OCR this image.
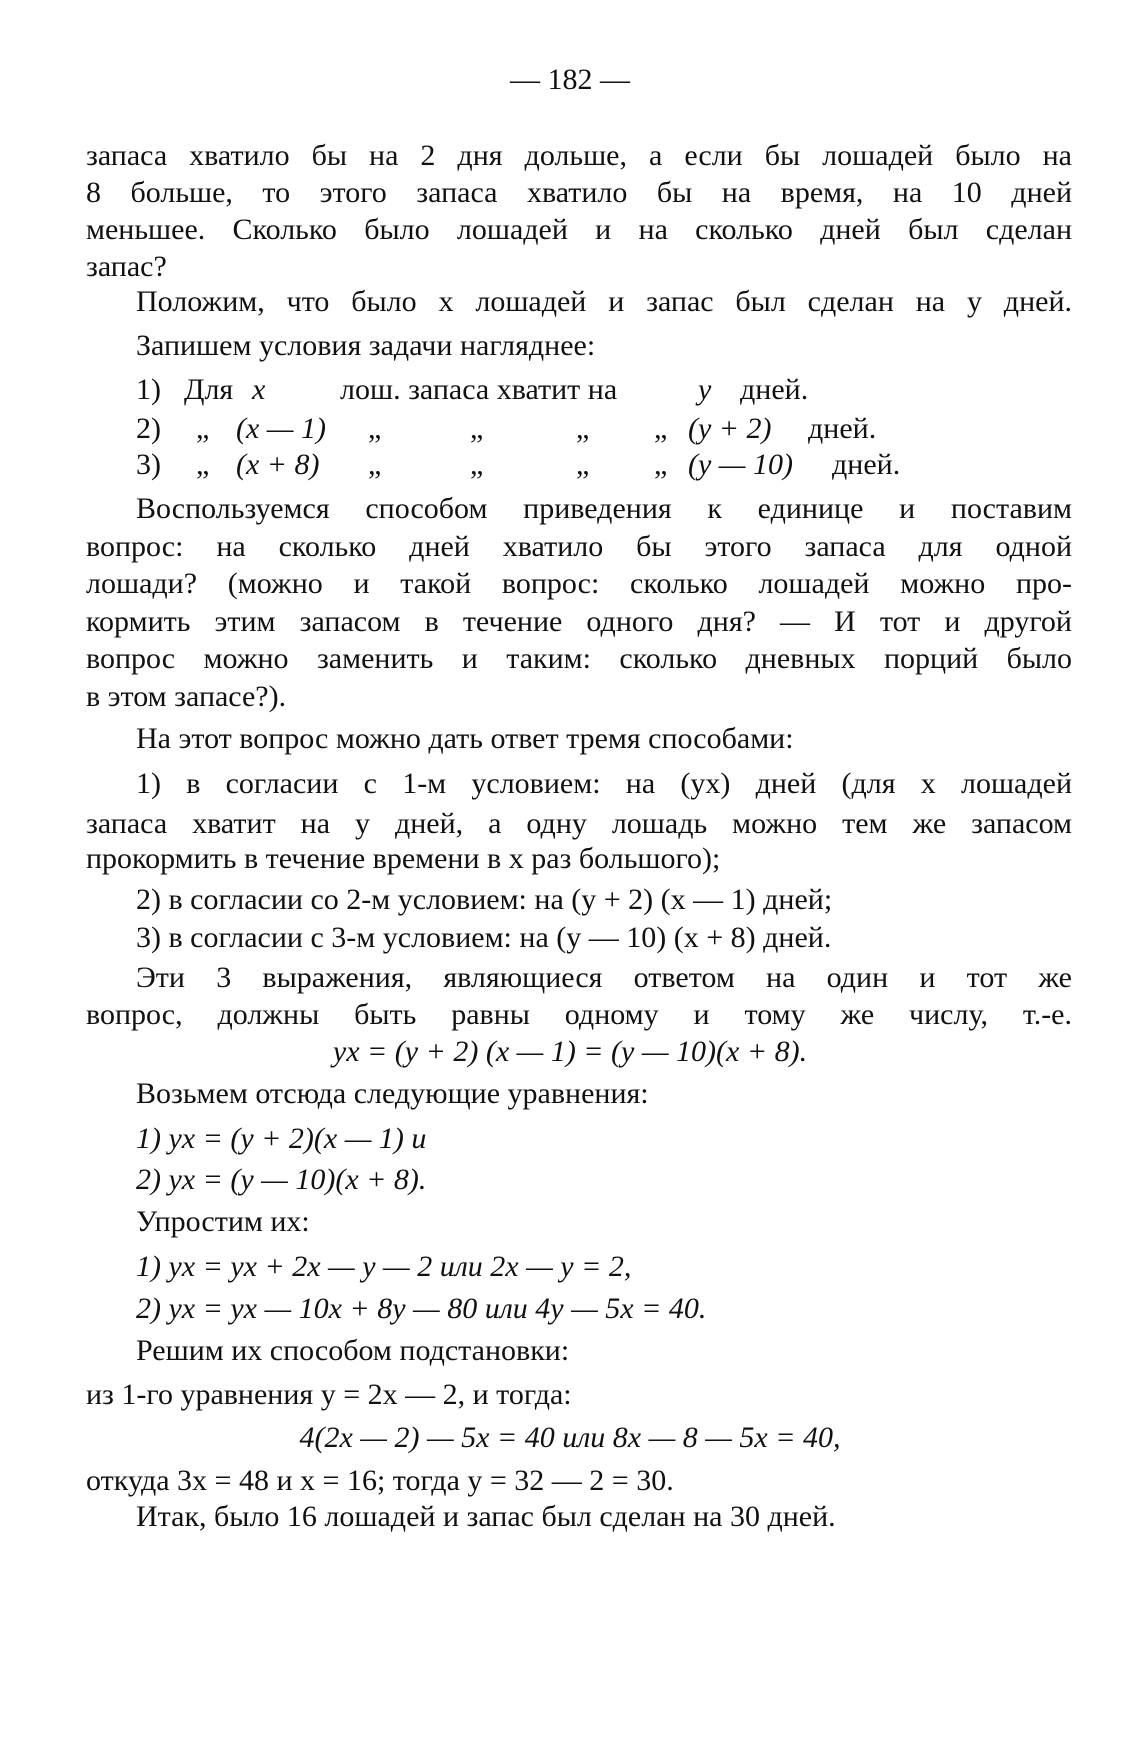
— 182 —
запаса хватило бы на 2 дня дольше, а если бы лошадей было на
8 больше, то этого запаса хватило бы на время, на 10 дней
меньшее. Сколько было лошадей и на сколько дней был сделан
запас?
Положим, что было x лошадей и запас был сделан на y дней.
Запишем условия задачи нагляднее:
1) Для x лош. запаса хватит на	y дней.
2) „ (x — 1) „	„	„ „ (y + 2) дней.
3) „ (x + 8) „	„	„ „ (y — 10) дней.
Воспользуемся способом приведения к единице и поставим
вопрос: на сколько дней хватило бы этого запаса для одной
лошади? (можно и такой вопрос: сколько лошадей можно про-
кормить этим запасом в течение одного дня? — И тот и другой
вопрос можно заменить и таким: сколько дневных порций было
в этом запасе?).
На этот вопрос можно дать ответ тремя способами:
1) в согласии с 1-м условием: на (yx) дней (для x лошадей
запаса хватит на y дней, а одну лошадь можно тем же запасом
прокормить в течение времени в x раз большого);
2) в согласии со 2-м условием: на (y + 2) (x — 1) дней;
3) в согласии с 3-м условием: на (y — 10) (x + 8) дней.
Эти 3 выражения, являющиеся ответом на один и тот же
вопрос, должны быть равны одному и тому же числу, т.-е.
yx = (y + 2) (x — 1) = (y — 10)(x + 8).
Возьмем отсюда следующие уравнения:
1) yx = (y + 2)(x — 1) и
2) yx = (y — 10)(x + 8).
Упростим их:
1) yx = yx + 2x — y — 2 или 2x — y = 2,
2) yx = yx — 10x + 8y — 80 или 4y — 5x = 40.
Решим их способом подстановки:
из 1-го уравнения y = 2x — 2, и тогда:
4(2x — 2) — 5x = 40 или 8x — 8 — 5x = 40,
откуда 3x = 48 и x = 16; тогда y = 32 — 2 = 30.
Итак, было 16 лошадей и запас был сделан на 30 дней.
